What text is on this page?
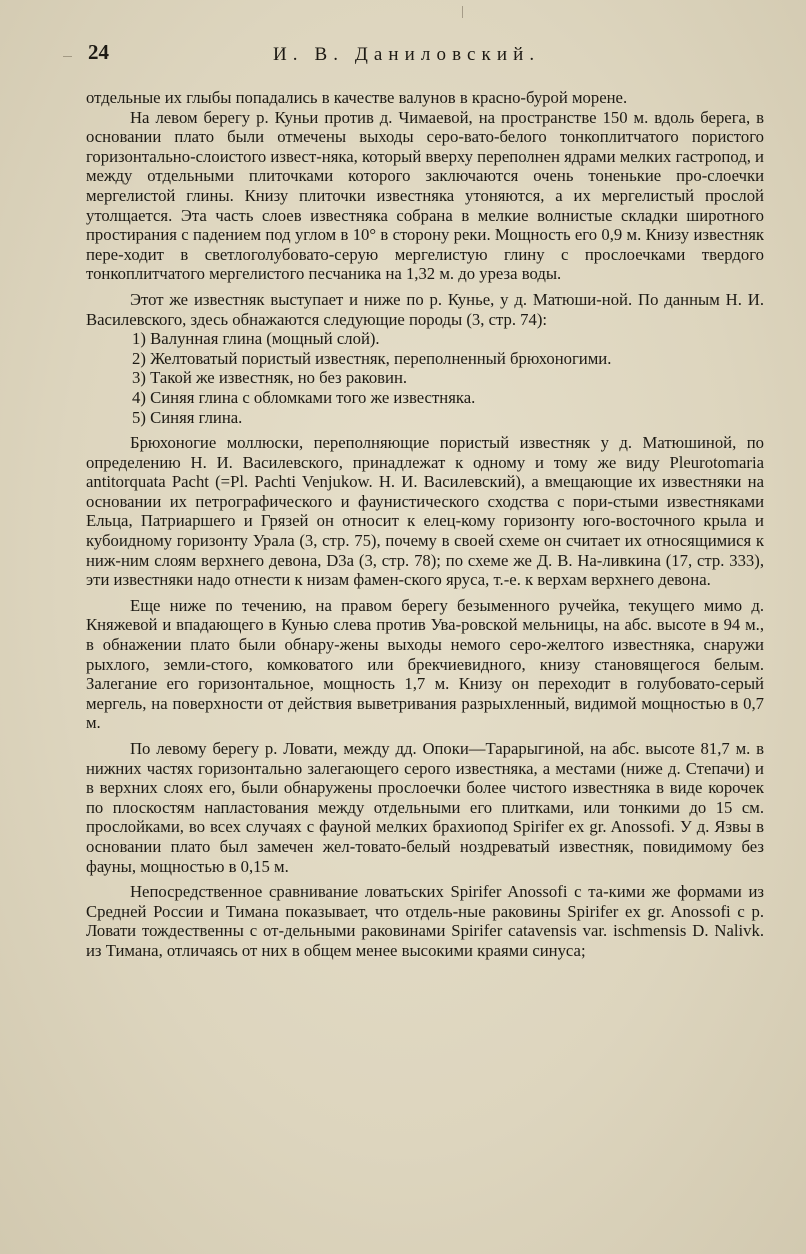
24	И. В. Даниловский.

отдельные их глыбы попадались в качестве валунов в красно-бурой морене.

На левом берегу р. Куньи против д. Чимаевой, на пространстве 150 м. вдоль берега, в основании плато были отмечены выходы серо-вато-белого тонкоплитчатого пористого горизонтально-слоистого извест-няка, который вверху переполнен ядрами мелких гастропод, и между отдельными плиточками которого заключаются очень тоненькие про-слоечки мергелистой глины. Книзу плиточки известняка утоняются, а их мергелистый прослой утолщается. Эта часть слоев известняка собрана в мелкие волнистые складки широтного простирания с падением под углом в 10° в сторону реки. Мощность его 0,9 м. Книзу известняк пере-ходит в светлоголубовато-серую мергелистую глину с прослоечками твердого тонкоплитчатого мергелистого песчаника на 1,32 м. до уреза воды.

Этот же известняк выступает и ниже по р. Кунье, у д. Матюши-ной. По данным Н. И. Василевского, здесь обнажаются следующие породы (3, стр. 74):

1) Валунная глина (мощный слой).
2) Желтоватый пористый известняк, переполненный брюхоногими.
3) Такой же известняк, но без раковин.
4) Синяя глина с обломками того же известняка.
5) Синяя глина.

Брюхоногие моллюски, переполняющие пористый известняк у д. Матюшиной, по определению Н. И. Василевского, принадлежат к одному и тому же виду Pleurotomaria antitorquata Pacht (=Pl. Pachti Venjukow. Н. И. Василевский), а вмещающие их известняки на основании их петрографического и фаунистического сходства с пори-стыми известняками Ельца, Патриаршего и Грязей он относит к елец-кому горизонту юго-восточного крыла и кубоидному горизонту Урала (3, стр. 75), почему в своей схеме он считает их относящимися к ниж-ним слоям верхнего девона, D3a (3, стр. 78); по схеме же Д. В. На-ливкина (17, стр. 333), эти известняки надо отнести к низам фамен-ского яруса, т.-е. к верхам верхнего девона.

Еще ниже по течению, на правом берегу безыменного ручейка, текущего мимо д. Княжевой и впадающего в Кунью слева против Ува-ровской мельницы, на абс. высоте в 94 м., в обнажении плато были обнару-жены выходы немого серо-желтого известняка, снаружи рыхлого, земли-стого, комковатого или брекчиевидного, книзу становящегося белым. Залегание его горизонтальное, мощность 1,7 м. Книзу он переходит в голубовато-серый мергель, на поверхности от действия выветривания разрыхленный, видимой мощностью в 0,7 м.

По левому берегу р. Ловати, между дд. Опоки—Тарарыгиной, на абс. высоте 81,7 м. в нижних частях горизонтально залегающего серого известняка, а местами (ниже д. Степачи) и в верхних слоях его, были обнаружены прослоечки более чистого известняка в виде корочек по плоскостям напластования между отдельными его плитками, или тонкими до 15 см. прослойками, во всех случаях с фауной мелких брахиопод Spirifer ex gr. Anossofi. У д. Язвы в основании плато был замечен жел-товато-белый ноздреватый известняк, повидимому без фауны, мощностью в 0,15 м.

Непосредственное сравнивание ловатьских Spirifer Anossofi с та-кими же формами из Средней России и Тимана показывает, что отдель-ные раковины Spirifer ex gr. Anossofi с р. Ловати тождественны с от-дельными раковинами Spirifer catavensis var. ischmensis D. Nalivk. из Тимана, отличаясь от них в общем менее высокими краями синуса;
